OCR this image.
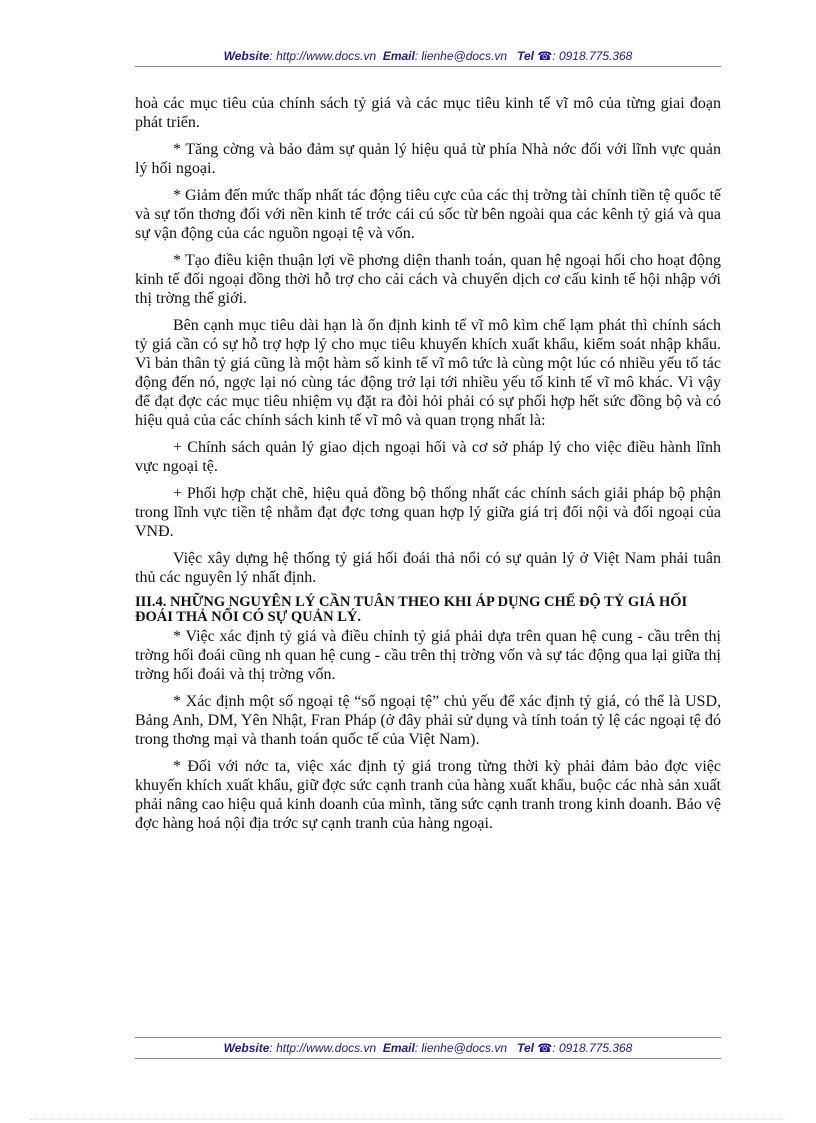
Website: http://www.docs.vn Email: lienhe@docs.vn Tel ☎: 0918.775.368

hoà các mục tiêu của chính sách tỷ giá và các mục tiêu kinh tế vĩ mô của từng giai đoạn phát triển.

* Tăng cờng và bảo đảm sự quản lý hiệu quả từ phía Nhà nớc đối với lĩnh vực quản lý hối ngoại.

* Giảm đến mức thấp nhất tác động tiêu cực của các thị trờng tài chính tiền tệ quốc tế và sự tổn thơng đối với nền kinh tế trớc cái cú sốc từ bên ngoài qua các kênh tỷ giá và qua sự vận động của các nguồn ngoại tệ và vốn.

* Tạo điều kiện thuận lợi về phơng diện thanh toán, quan hệ ngoại hối cho hoạt động kinh tế đối ngoại đồng thời hỗ trợ cho cải cách và chuyển dịch cơ cấu kinh tế hội nhập với thị trờng thế giới.

Bên cạnh mục tiêu dài hạn là ổn định kinh tế vĩ mô kìm chế lạm phát thì chính sách tỷ giá cần có sự hỗ trợ hợp lý cho mục tiêu khuyến khích xuất khẩu, kiểm soát nhập khẩu. Vì bản thân tỷ giá cũng là một hàm số kinh tế vĩ mô tức là cùng một lúc có nhiều yếu tố tác động đến nó, ngợc lại nó cùng tác động trở lại tới nhiều yếu tố kinh tế vĩ mô khác. Vì vậy để đạt đợc các mục tiêu nhiệm vụ đặt ra đòi hỏi phải có sự phối hợp hết sức đồng bộ và có hiệu quả của các chính sách kinh tế vĩ mô và quan trọng nhất là:

+ Chính sách quản lý giao dịch ngoại hối và cơ sở pháp lý cho việc điều hành lĩnh vực ngoại tệ.

+ Phối hợp chặt chẽ, hiệu quả đồng bộ thống nhất các chính sách giải pháp bộ phận trong lĩnh vực tiền tệ nhằm đạt đợc tơng quan hợp lý giữa giá trị đối nội và đối ngoại của VNĐ.

Việc xây dựng hệ thống tỷ giá hối đoái thả nổi có sự quản lý ở Việt Nam phải tuân thủ các nguyên lý nhất định.

III.4. NHỮNG NGUYÊN LÝ CẦN TUÂN THEO KHI ÁP DỤNG CHẾ ĐỘ TỶ GIÁ HỐI ĐOÁI THẢ NỔI CÓ SỰ QUẢN LÝ.

* Việc xác định tỷ giá và điều chỉnh tỷ giá phải dựa trên quan hệ cung - cầu trên thị trờng hối đoái cũng nh quan hệ cung - cầu trên thị trờng vốn và sự tác động qua lại giữa thị trờng hối đoái và thị trờng vốn.

* Xác định một số ngoại tệ “sổ ngoại tệ” chủ yếu để xác định tỷ giá, có thể là USD, Bảng Anh, DM, Yên Nhật, Fran Pháp (ở đây phải sử dụng và tính toán tỷ lệ các ngoại tệ đó trong thơng mại và thanh toán quốc tế của Việt Nam).

* Đối với nớc ta, việc xác định tỷ giá trong từng thời kỳ phải đảm bảo đợc việc khuyến khích xuất khẩu, giữ đợc sức cạnh tranh của hàng xuất khẩu, buộc các nhà sản xuất phải nâng cao hiệu quả kinh doanh của mình, tăng sức cạnh tranh trong kinh doanh. Bảo vệ đợc hàng hoá nội địa trớc sự cạnh tranh của hàng ngoại.

Website: http://www.docs.vn Email: lienhe@docs.vn Tel ☎: 0918.775.368
